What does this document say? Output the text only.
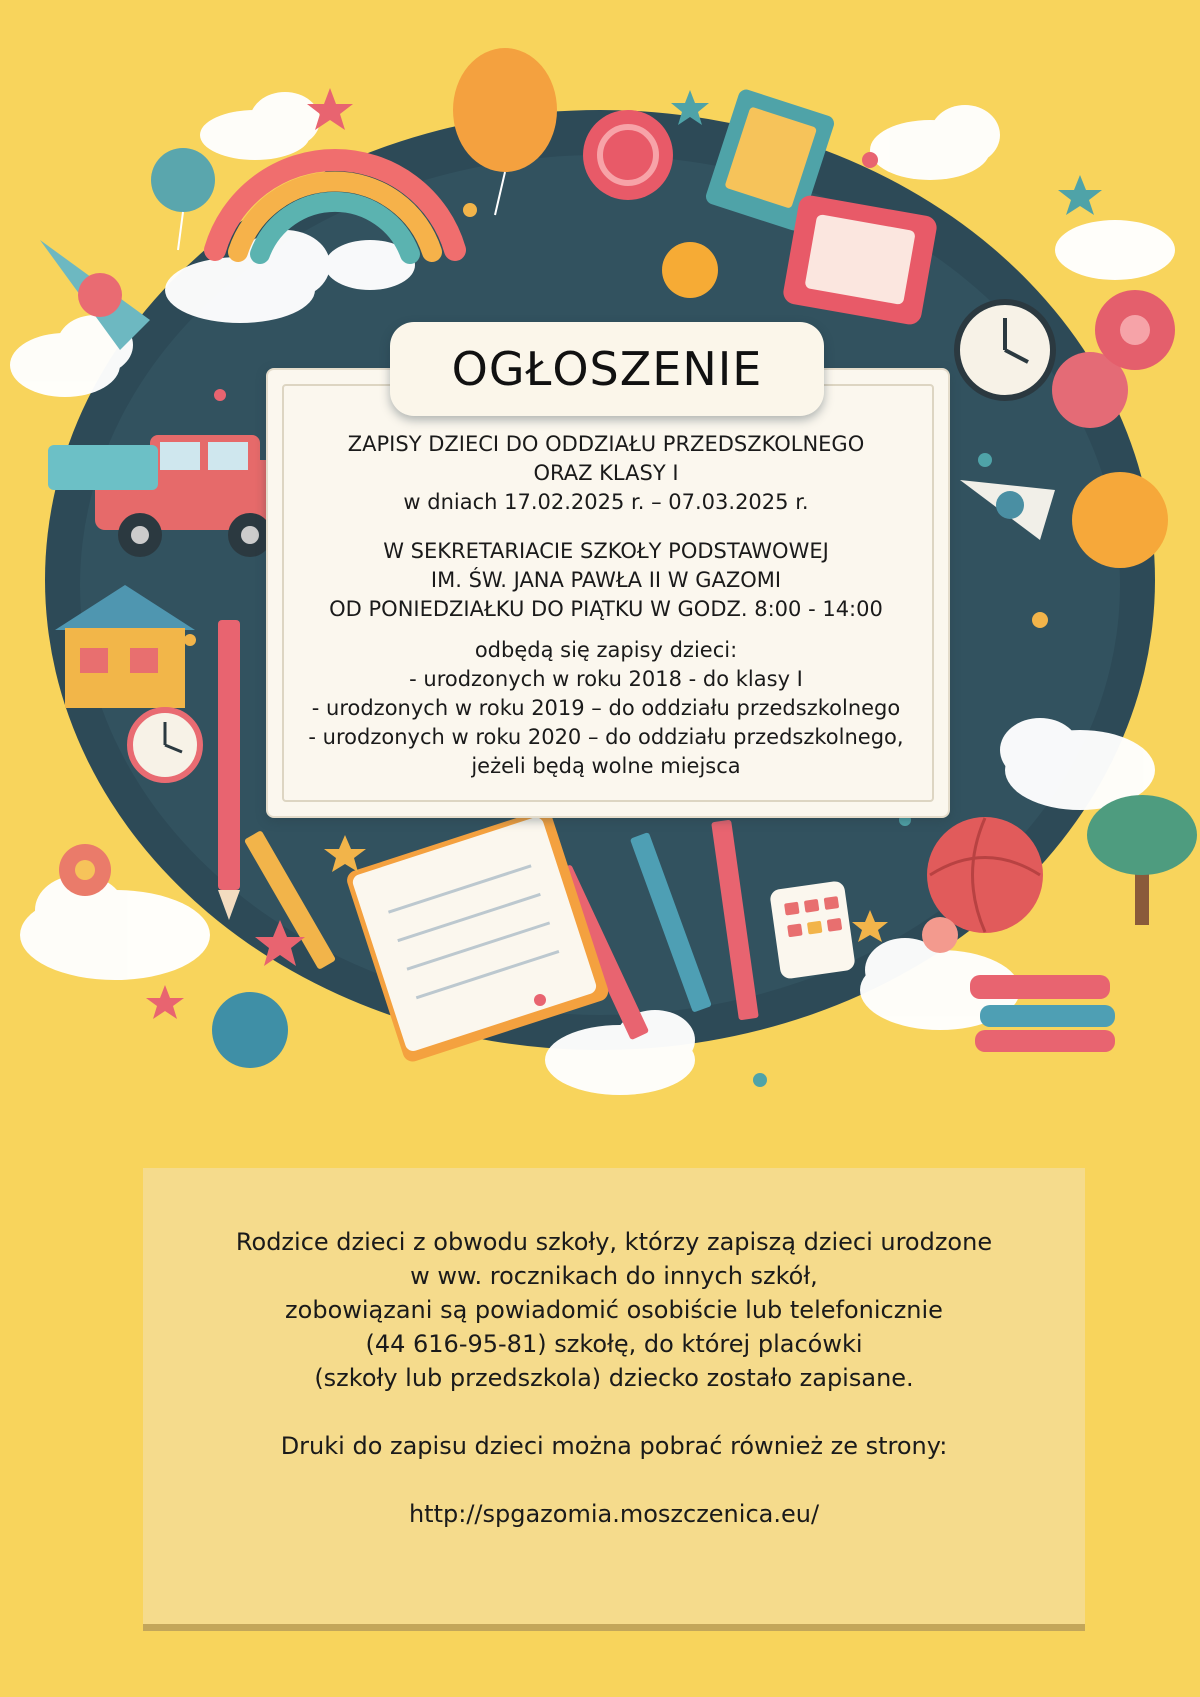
OGŁOSZENIE
ZAPISY DZIECI DO ODDZIAŁU PRZEDSZKOLNEGO
ORAZ KLASY I
w dniach 17.02.2025 r. – 07.03.2025 r.
W SEKRETARIACIE SZKOŁY PODSTAWOWEJ
IM. ŚW. JANA PAWŁA II W GAZOMI
OD PONIEDZIAŁKU DO PIĄTKU W GODZ. 8:00 - 14:00
odbędą się zapisy dzieci:
- urodzonych w roku 2018 - do klasy I
- urodzonych w roku 2019 – do oddziału przedszkolnego
- urodzonych w roku 2020 – do oddziału przedszkolnego,
jeżeli będą wolne miejsca
Rodzice dzieci z obwodu szkoły, którzy zapiszą dzieci urodzone
w ww. rocznikach do innych szkół,
zobowiązani są powiadomić osobiście lub telefonicznie
(44 616-95-81) szkołę, do której placówki
(szkoły lub przedszkola) dziecko zostało zapisane.
Druki do zapisu dzieci można pobrać również ze strony:
http://spgazomia.moszczenica.eu/
